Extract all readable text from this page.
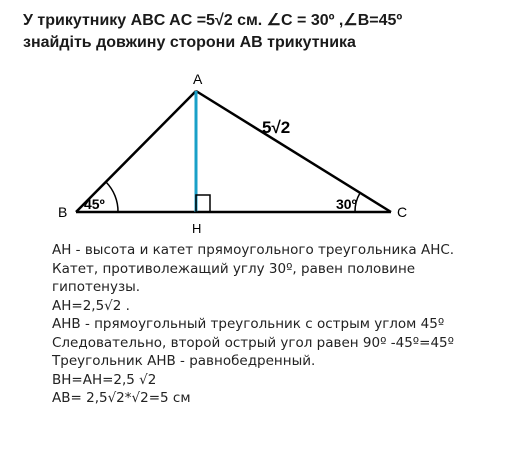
У трикутнику ABC AC =5√2 см. ∠C = 30º ,∠B=45º
знайдіть довжину сторони AB трикутника
A
B	C
H
5√2
45º	30º
AH - высота и катет прямоугольного треугольника AHC.
Катет, противолежащий углу 30º, равен половине
гипотенузы.
AH=2,5√2 .
AHB - прямоугольный треугольник с острым углом 45º
Следовательно, второй острый угол равен 90º -45º=45º
Треугольник AHB - равнобедренный.
BH=AH=2,5 √2
AB= 2,5√2*√2=5 см
